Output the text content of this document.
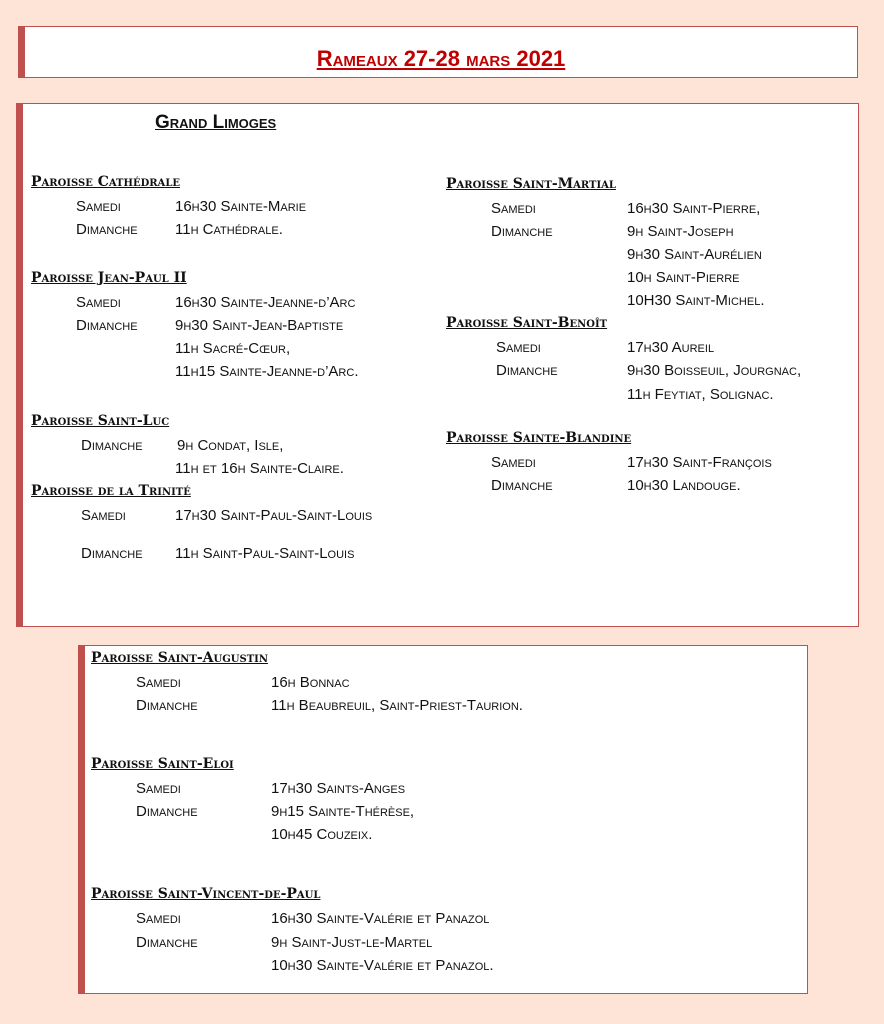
Rameaux 27-28 mars 2021
Grand Limoges
Paroisse Cathédrale
Samedi	16h30 Sainte-Marie
Dimanche 11h Cathédrale.
Paroisse Jean-Paul II
Samedi	16h30 Sainte-Jeanne-d’Arc
Dimanche 9h30 Saint-Jean-Baptiste
11h Sacré-Cœur,
11h15 Sainte-Jeanne-d’Arc.
Paroisse Saint-Luc
Dimanche 9h Condat, Isle,
11h et 16h Sainte-Claire.
Paroisse de la Trinité
Samedi	17h30 Saint-Paul-Saint-Louis
Dimanche 11h Saint-Paul-Saint-Louis
Paroisse Saint-Martial
Samedi	16h30 Saint-Pierre,
Dimanche	9h Saint-Joseph
9h30 Saint-Aurélien
10h Saint-Pierre
10H30 Saint-Michel.
Paroisse Saint-Benoît
Samedi	17h30 Aureil
Dimanche	9h30 Boisseuil, Jourgnac,
11h Feytiat, Solignac.
Paroisse Sainte-Blandine
Samedi	17h30 Saint-François
Dimanche	10h30 Landouge.
Paroisse Saint-Augustin
Samedi	16h Bonnac
Dimanche	11h Beaubreuil, Saint-Priest-Taurion.
Paroisse Saint-Eloi
Samedi	17h30 Saints-Anges
Dimanche	9h15 Sainte-Thérèse,
10h45 Couzeix.
Paroisse Saint-Vincent-de-Paul
Samedi	16h30 Sainte-Valérie et Panazol
Dimanche	9h Saint-Just-le-Martel
10h30 Sainte-Valérie et Panazol.
